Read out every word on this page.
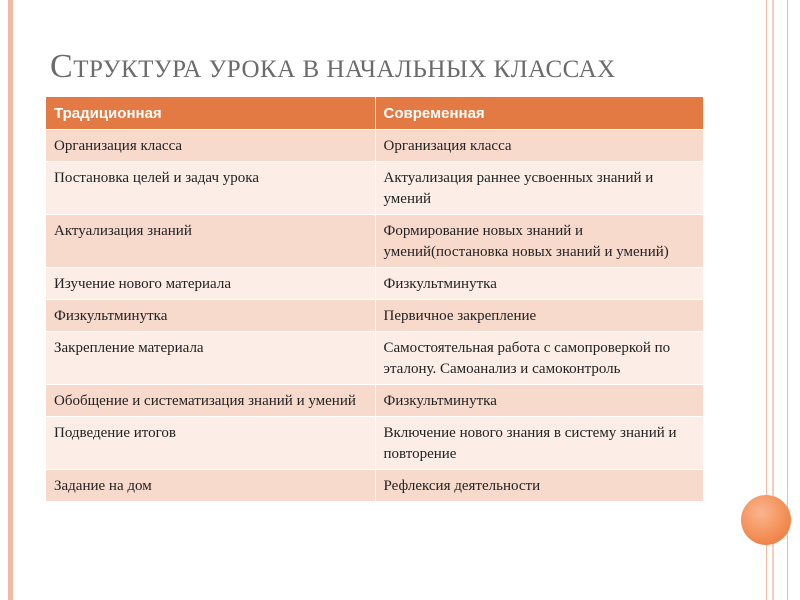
СТРУКТУРА УРОКА В НАЧАЛЬНЫХ КЛАССАХ
Традиционная	Современная
Организация класса	Организация класса
Постановка целей и задач урока	Актуализация раннее усвоенных знаний и умений
Актуализация знаний	Формирование новых знаний и умений(постановка новых знаний и умений)
Изучение нового материала	Физкультминутка
Физкультминутка	Первичное закрепление
Закрепление материала	Самостоятельная работа с самопроверкой по эталону. Самоанализ и самоконтроль
Обобщение и систематизация знаний и умений	Физкультминутка
Подведение итогов	Включение нового знания в систему знаний и повторение
Задание на дом	Рефлексия деятельности
